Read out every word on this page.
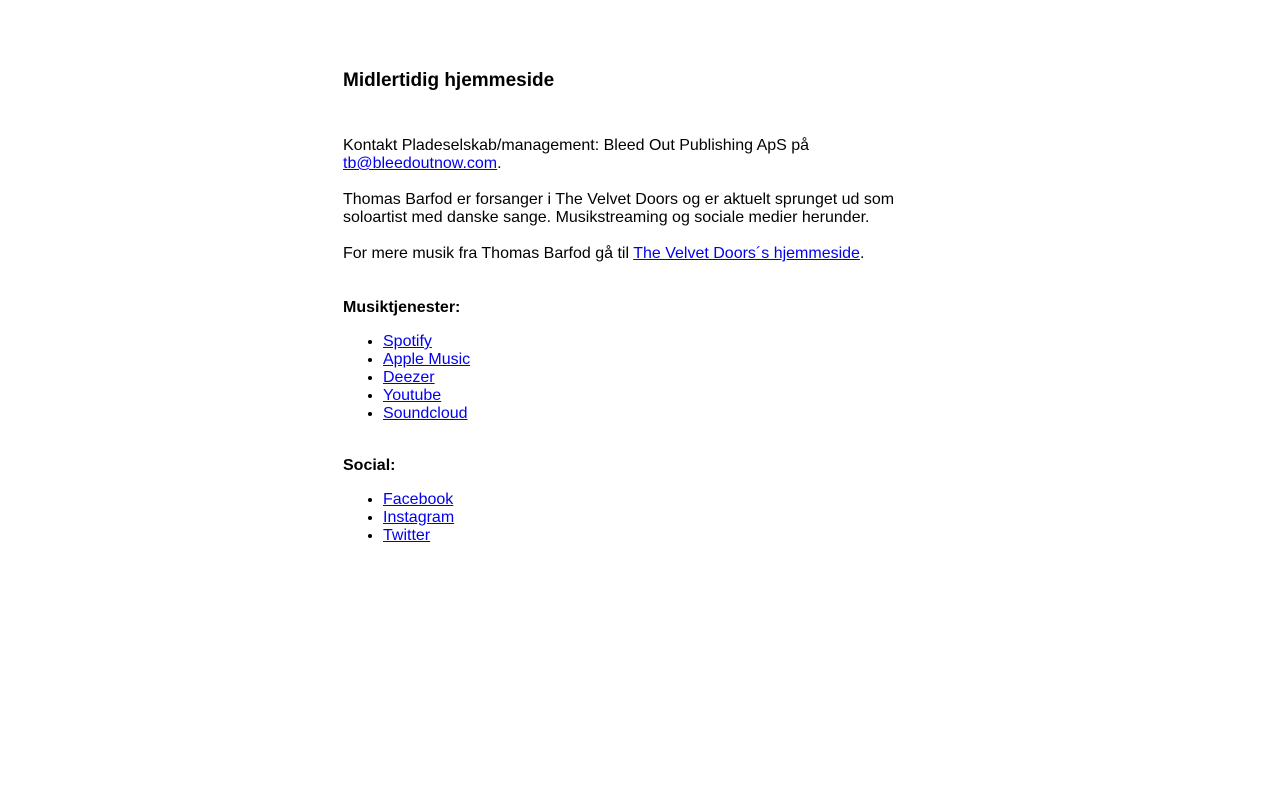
Midlertidig hjemmeside

Kontakt Pladeselskab/management: Bleed Out Publishing ApS på tb@bleedoutnow.com.

Thomas Barfod er forsanger i The Velvet Doors og er aktuelt sprunget ud som soloartist med danske sange. Musikstreaming og sociale medier herunder.

For mere musik fra Thomas Barfod gå til The Velvet Doors´s hjemmeside.

Musiktjenester:
• Spotify
• Apple Music
• Deezer
• Youtube
• Soundcloud
Social:
• Facebook
• Instagram
• Twitter
